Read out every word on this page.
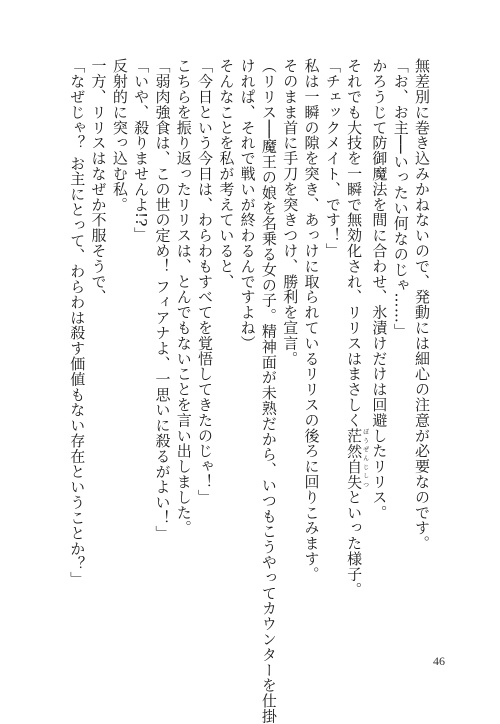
無差別に巻き込みかねないので、発動には細心の注意が必要なのです。

「お、お主──いったい何なのじゃ……」

かろうじて防御魔法を間に合わせ、氷漬けだけは回避したリリス。

それでも大技を一瞬で無効化され、リリスはまさしく茫然自失ぼうぜんじしつといった様子。

「チェックメイト、です！」

私は一瞬の隙を突き、あっけに取られているリリスの後ろに回りこみます。

そのまま首に手刀を突きつけ、勝利を宣言。

（リリス──魔王の娘を名乗る女の子。精神面が未熟だから、いつもこうやってカウンターを仕掛

けれぱ、それで戦いが終わるんですよね）

そんなことを私が考えていると、

「今日という今日は、わらわもすべてを覚悟してきたのじゃ！」

こちらを振り返ったリリスは、とんでもないことを言い出しました。

「弱肉強食は、この世の定め！ フィアナよ、一思いに殺るがよい！」

「いや、殺りませんよ!?」

反射的に突っ込む私。

一方、リリスはなぜか不服そうで、

「なぜじゃ？ お主にとって、わらわは殺す価値もない存在ということか？」

46
